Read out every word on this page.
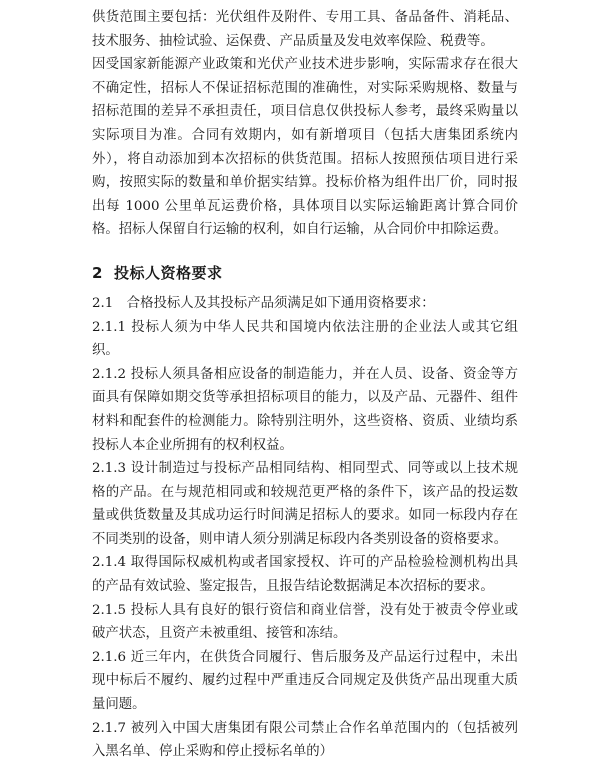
供货范围主要包括：光伏组件及附件、专用工具、备品备件、消耗品、技术服务、抽检试验、运保费、产品质量及发电效率保险、税费等。

因受国家新能源产业政策和光伏产业技术进步影响，实际需求存在很大不确定性，招标人不保证招标范围的准确性，对实际采购规格、数量与招标范围的差异不承担责任，项目信息仅供投标人参考，最终采购量以实际项目为准。合同有效期内，如有新增项目（包括大唐集团系统内外），将自动添加到本次招标的供货范围。招标人按照预估项目进行采购，按照实际的数量和单价据实结算。投标价格为组件出厂价，同时报出每 1000 公里单瓦运费价格，具体项目以实际运输距离计算合同价格。招标人保留自行运输的权利，如自行运输，从合同价中扣除运费。

2 投标人资格要求

2.1　合格投标人及其投标产品须满足如下通用资格要求：

2.1.1 投标人须为中华人民共和国境内依法注册的企业法人或其它组织。

2.1.2 投标人须具备相应设备的制造能力，并在人员、设备、资金等方面具有保障如期交货等承担招标项目的能力，以及产品、元器件、组件材料和配套件的检测能力。除特别注明外，这些资格、资质、业绩均系投标人本企业所拥有的权利权益。

2.1.3 设计制造过与投标产品相同结构、相同型式、同等或以上技术规格的产品。在与规范相同或和较规范更严格的条件下，该产品的投运数量或供货数量及其成功运行时间满足招标人的要求。如同一标段内存在不同类别的设备，则申请人须分别满足标段内各类别设备的资格要求。

2.1.4 取得国际权威机构或者国家授权、许可的产品检验检测机构出具的产品有效试验、鉴定报告，且报告结论数据满足本次招标的要求。

2.1.5 投标人具有良好的银行资信和商业信誉，没有处于被责令停业或破产状态，且资产未被重组、接管和冻结。

2.1.6 近三年内，在供货合同履行、售后服务及产品运行过程中，未出现中标后不履约、履约过程中严重违反合同规定及供货产品出现重大质量问题。

2.1.7 被列入中国大唐集团有限公司禁止合作名单范围内的（包括被列入黑名单、停止采购和停止授标名单的）
